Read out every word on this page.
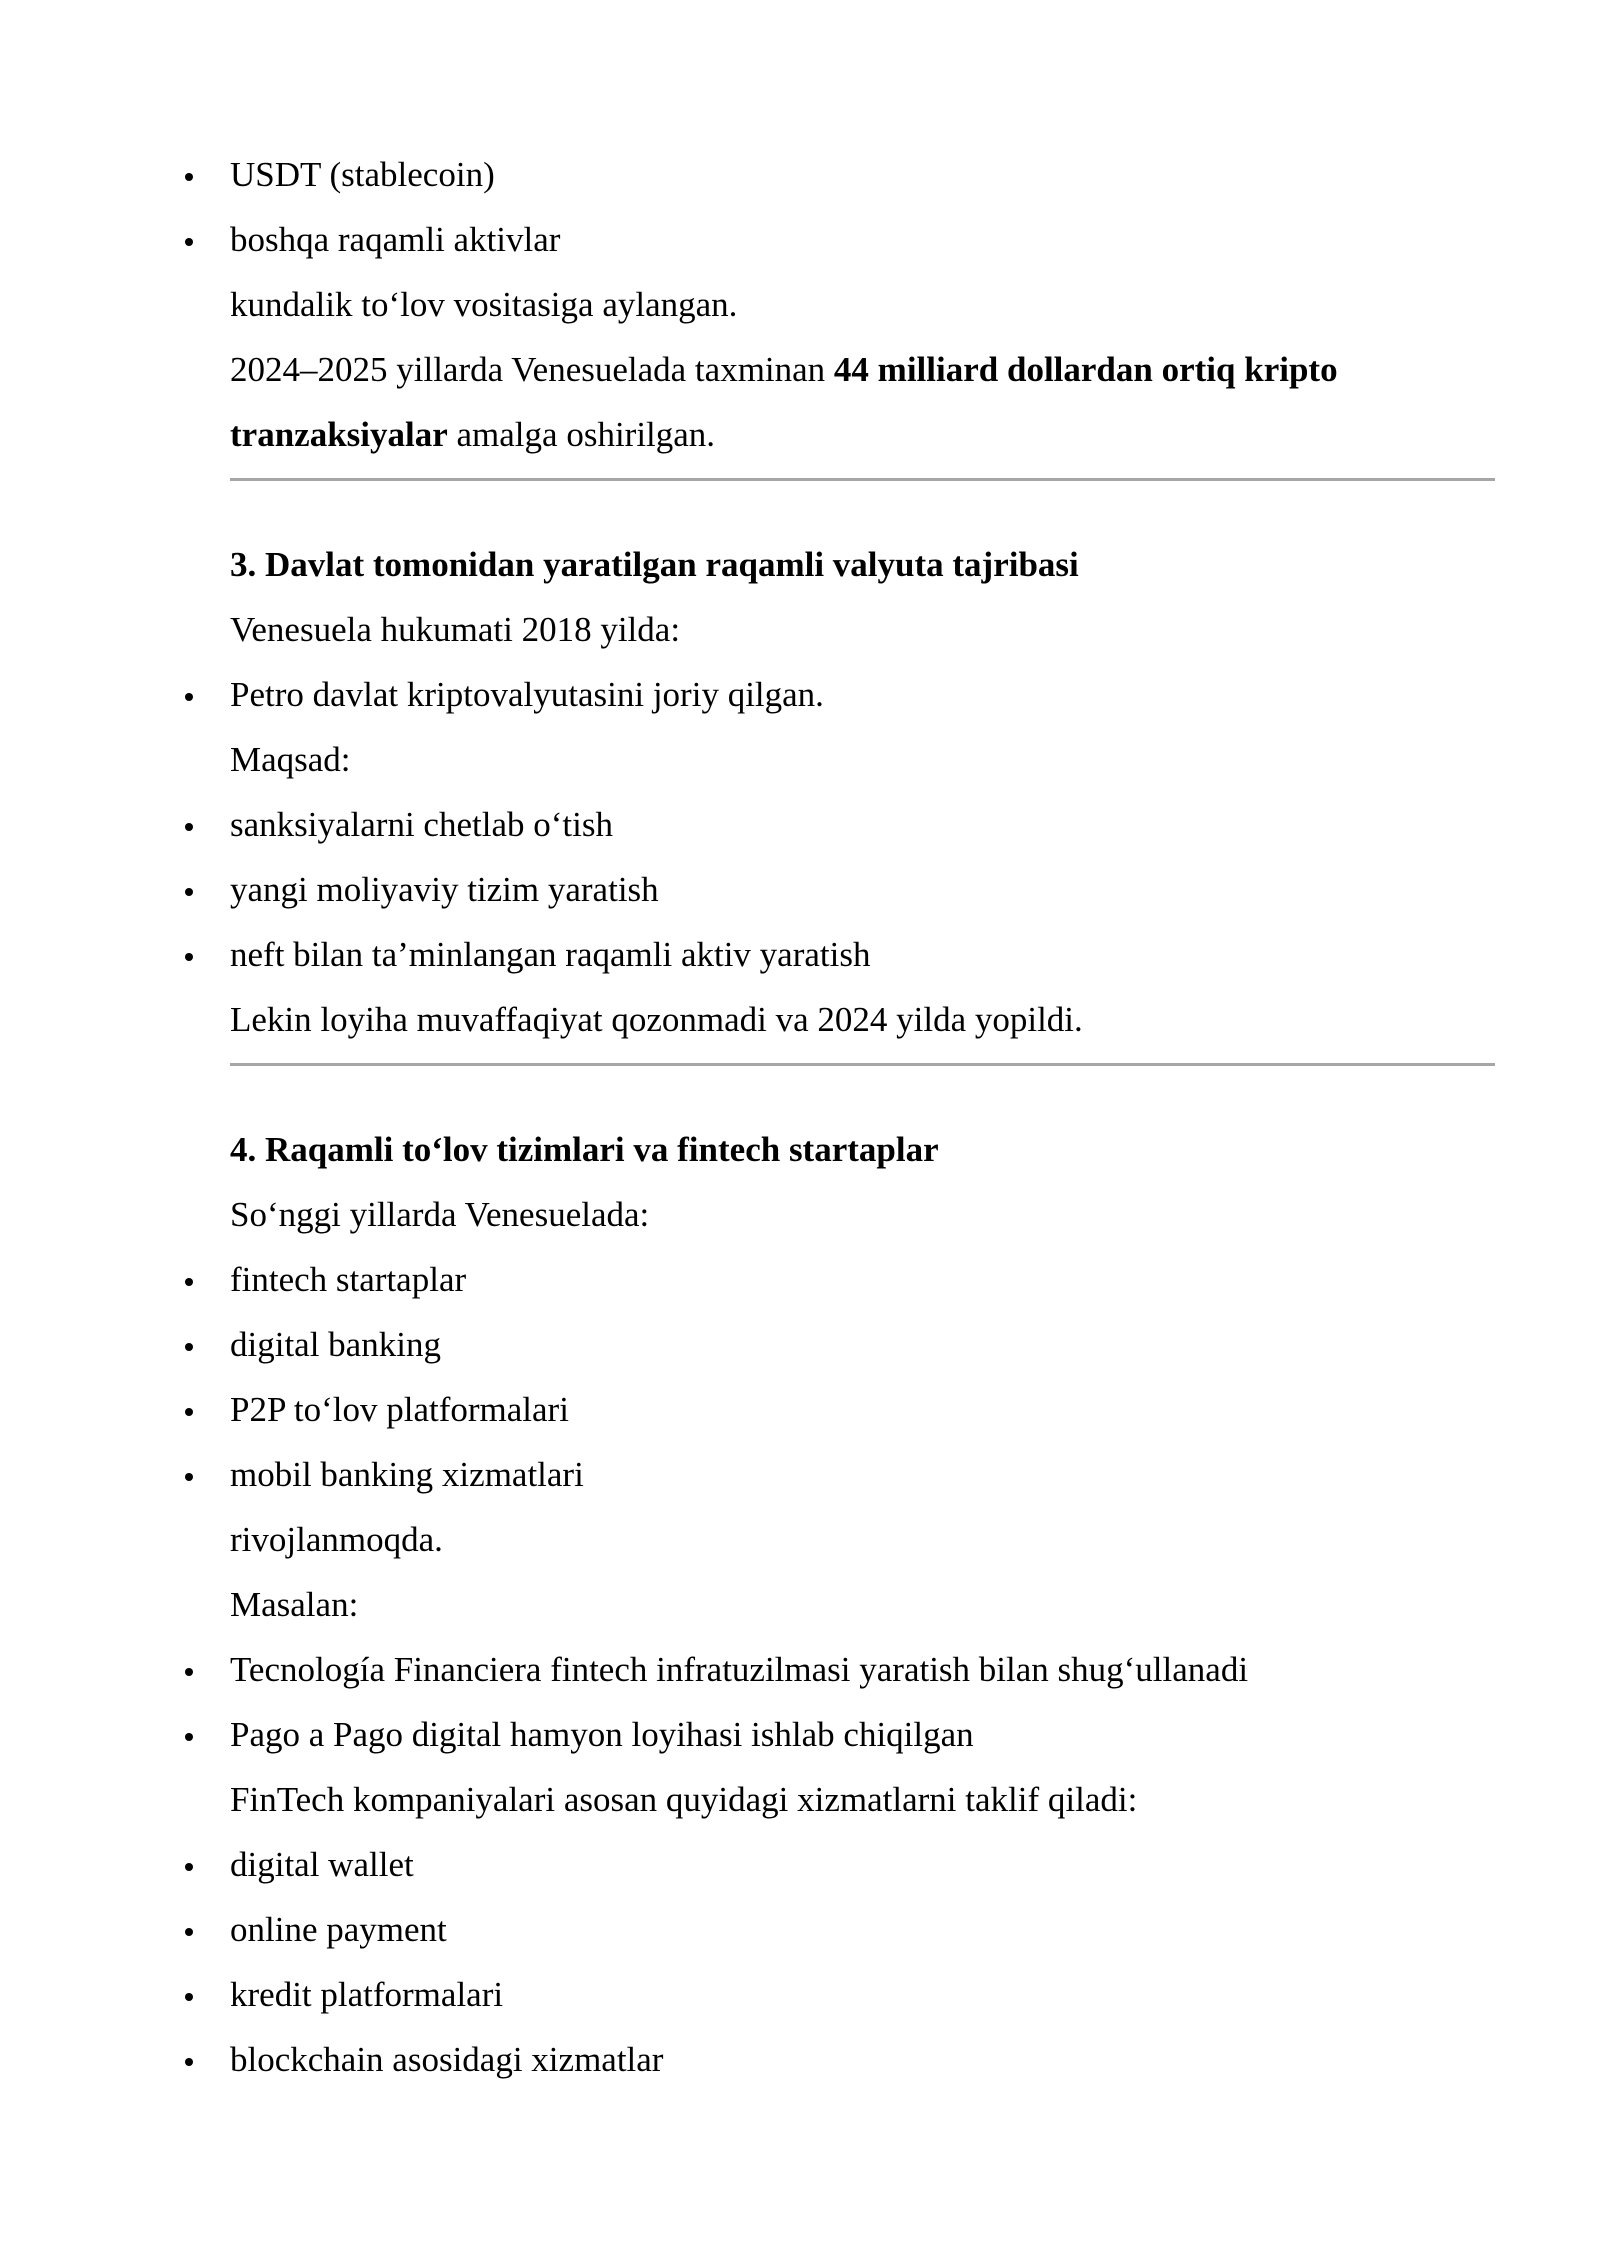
USDT (stablecoin)
boshqa raqamli aktivlar
kundalik to‘lov vositasiga aylangan.
2024–2025 yillarda Venesuelada taxminan 44 milliard dollardan ortiq kripto
tranzaksiyalar amalga oshirilgan.
3. Davlat tomonidan yaratilgan raqamli valyuta tajribasi
Venesuela hukumati 2018 yilda:
Petro davlat kriptovalyutasini joriy qilgan.
Maqsad:
sanksiyalarni chetlab o‘tish
yangi moliyaviy tizim yaratish
neft bilan ta’minlangan raqamli aktiv yaratish
Lekin loyiha muvaffaqiyat qozonmadi va 2024 yilda yopildi.
4. Raqamli to‘lov tizimlari va fintech startaplar
So‘nggi yillarda Venesuelada:
fintech startaplar
digital banking
P2P to‘lov platformalari
mobil banking xizmatlari
rivojlanmoqda.
Masalan:
Tecnología Financiera fintech infratuzilmasi yaratish bilan shug‘ullanadi
Pago a Pago digital hamyon loyihasi ishlab chiqilgan
FinTech kompaniyalari asosan quyidagi xizmatlarni taklif qiladi:
digital wallet
online payment
kredit platformalari
blockchain asosidagi xizmatlar
